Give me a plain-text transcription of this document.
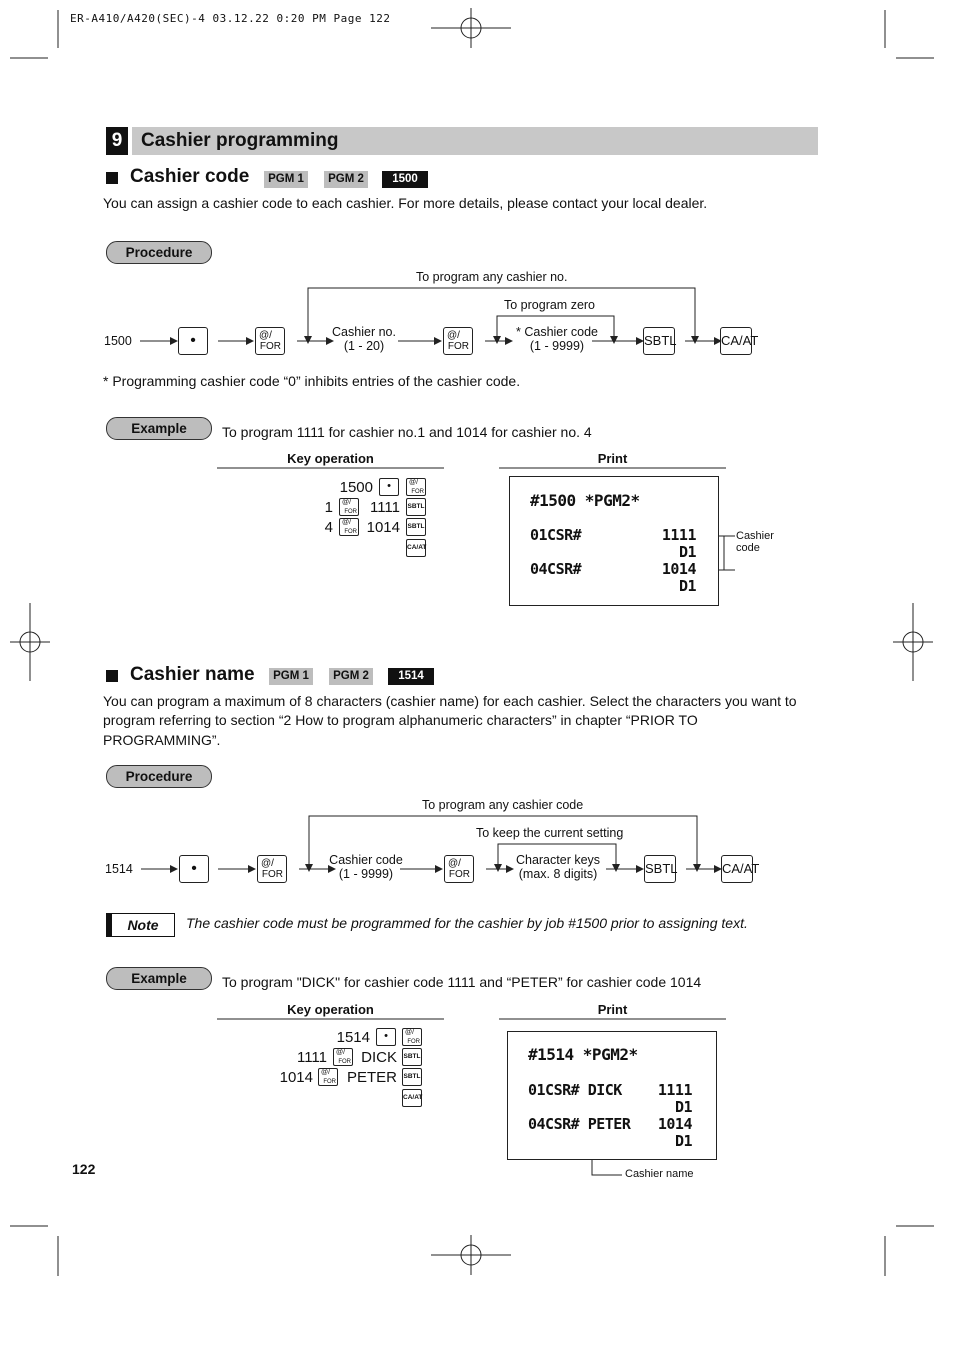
ER-A410/A420(SEC)-4 03.12.22 0:20 PM Page 122
9 Cashier programming
Cashier code	PGM 1	PGM 2	1500
You can assign a cashier code to each cashier. For more details, please contact your local dealer.
Procedure
To program any cashier no.
To program zero
1500	•	@/
FOR
Cashier no.
(1 - 20)
@/
FOR
* Cashier code
(1 - 9999)	SBTL	CA/AT
* Programming cashier code “0” inhibits entries of the cashier code.
Example	To program 1111 for cashier no.1 and 1014 for cashier no. 4
Key operation	Print
1500	•	@/
FOR
1 @/
FOR 1111 SBTL
4 @/
FOR 1014 SBTL
CA/AT
#1500 *PGM2*
01CSR#	1111
D1
04CSR#	1014
D1
Cashier
code
Cashier name	PGM 1	PGM 2	1514
You can program a maximum of 8 characters (cashier name) for each cashier. Select the characters you want to
program referring to section “2 How to program alphanumeric characters” in chapter “PRIOR TO
PROGRAMMING”.
Procedure
To program any cashier code
To keep the current setting
1514	•	@/
FOR
Cashier code
(1 - 9999)
@/
FOR
Character keys
(max. 8 digits)	SBTL	CA/AT
Note	The cashier code must be programmed for the cashier by job #1500 prior to assigning text.
Example	To program "DICK" for cashier code 1111 and “PETER” for cashier code 1014
Key operation	Print
1514	•	@/
FOR
1111 @/
FOR DICK SBTL
1014 @/
FOR PETER SBTL
CA/AT
#1514 *PGM2*
01CSR# DICK	1111
D1
04CSR# PETER	1014
D1
Cashier name
122
